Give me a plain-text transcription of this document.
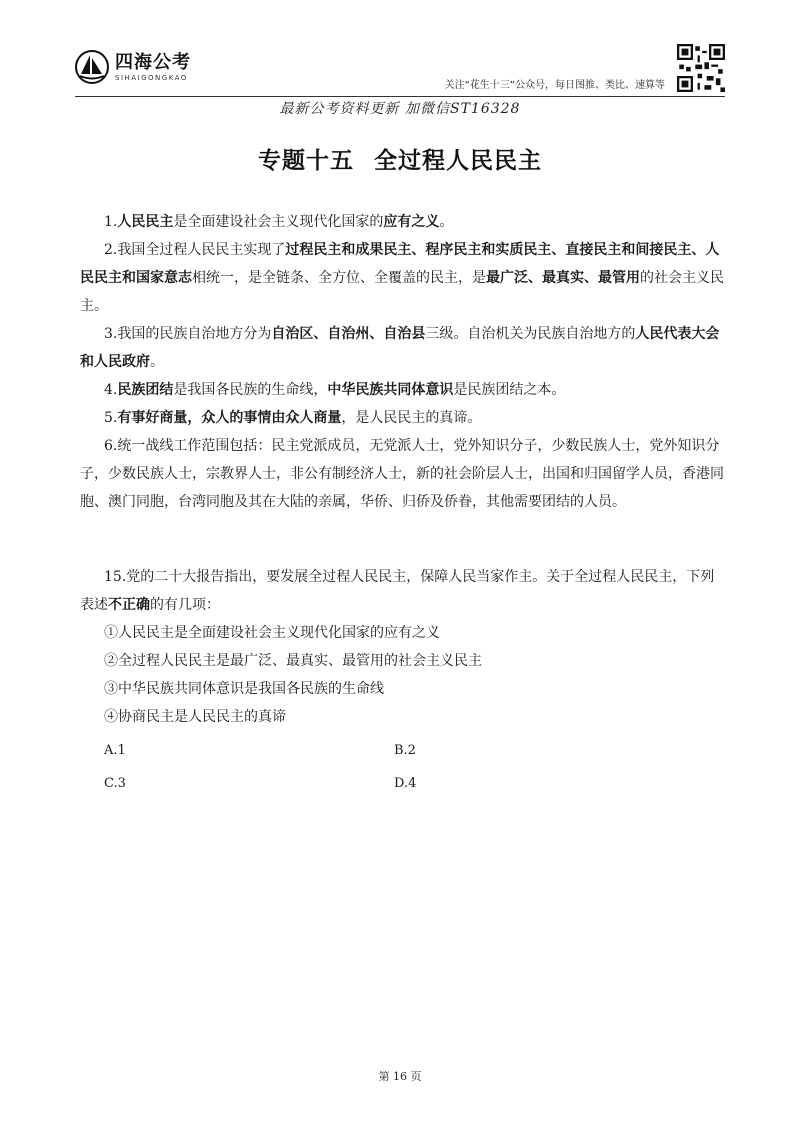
四海公考
SIHAIGONGKAO
关注“花生十三”公众号，每日图推、类比、速算等
最新公考资料更新 加微信ST16328
专题十五 全过程人民民主

1.人民民主是全面建设社会主义现代化国家的应有之义。

2.我国全过程人民民主实现了过程民主和成果民主、程序民主和实质民主、直接民主和间接民主、人民民主和国家意志相统一，是全链条、全方位、全覆盖的民主，是最广泛、最真实、最管用的社会主义民主。

3.我国的民族自治地方分为自治区、自治州、自治县三级。自治机关为民族自治地方的人民代表大会和人民政府。

4.民族团结是我国各民族的生命线，中华民族共同体意识是民族团结之本。

5.有事好商量，众人的事情由众人商量，是人民民主的真谛。

6.统一战线工作范围包括：民主党派成员，无党派人士，党外知识分子，少数民族人士，党外知识分子，少数民族人士，宗教界人士，非公有制经济人士，新的社会阶层人士，出国和归国留学人员，香港同胞、澳门同胞，台湾同胞及其在大陆的亲属，华侨、归侨及侨眷，其他需要团结的人员。

15.党的二十大报告指出，要发展全过程人民民主，保障人民当家作主。关于全过程人民民主，下列表述不正确的有几项：

①人民民主是全面建设社会主义现代化国家的应有之义

②全过程人民民主是最广泛、最真实、最管用的社会主义民主

③中华民族共同体意识是我国各民族的生命线

④协商民主是人民民主的真谛

A.1	B.2
C.3	D.4
第 16 页
